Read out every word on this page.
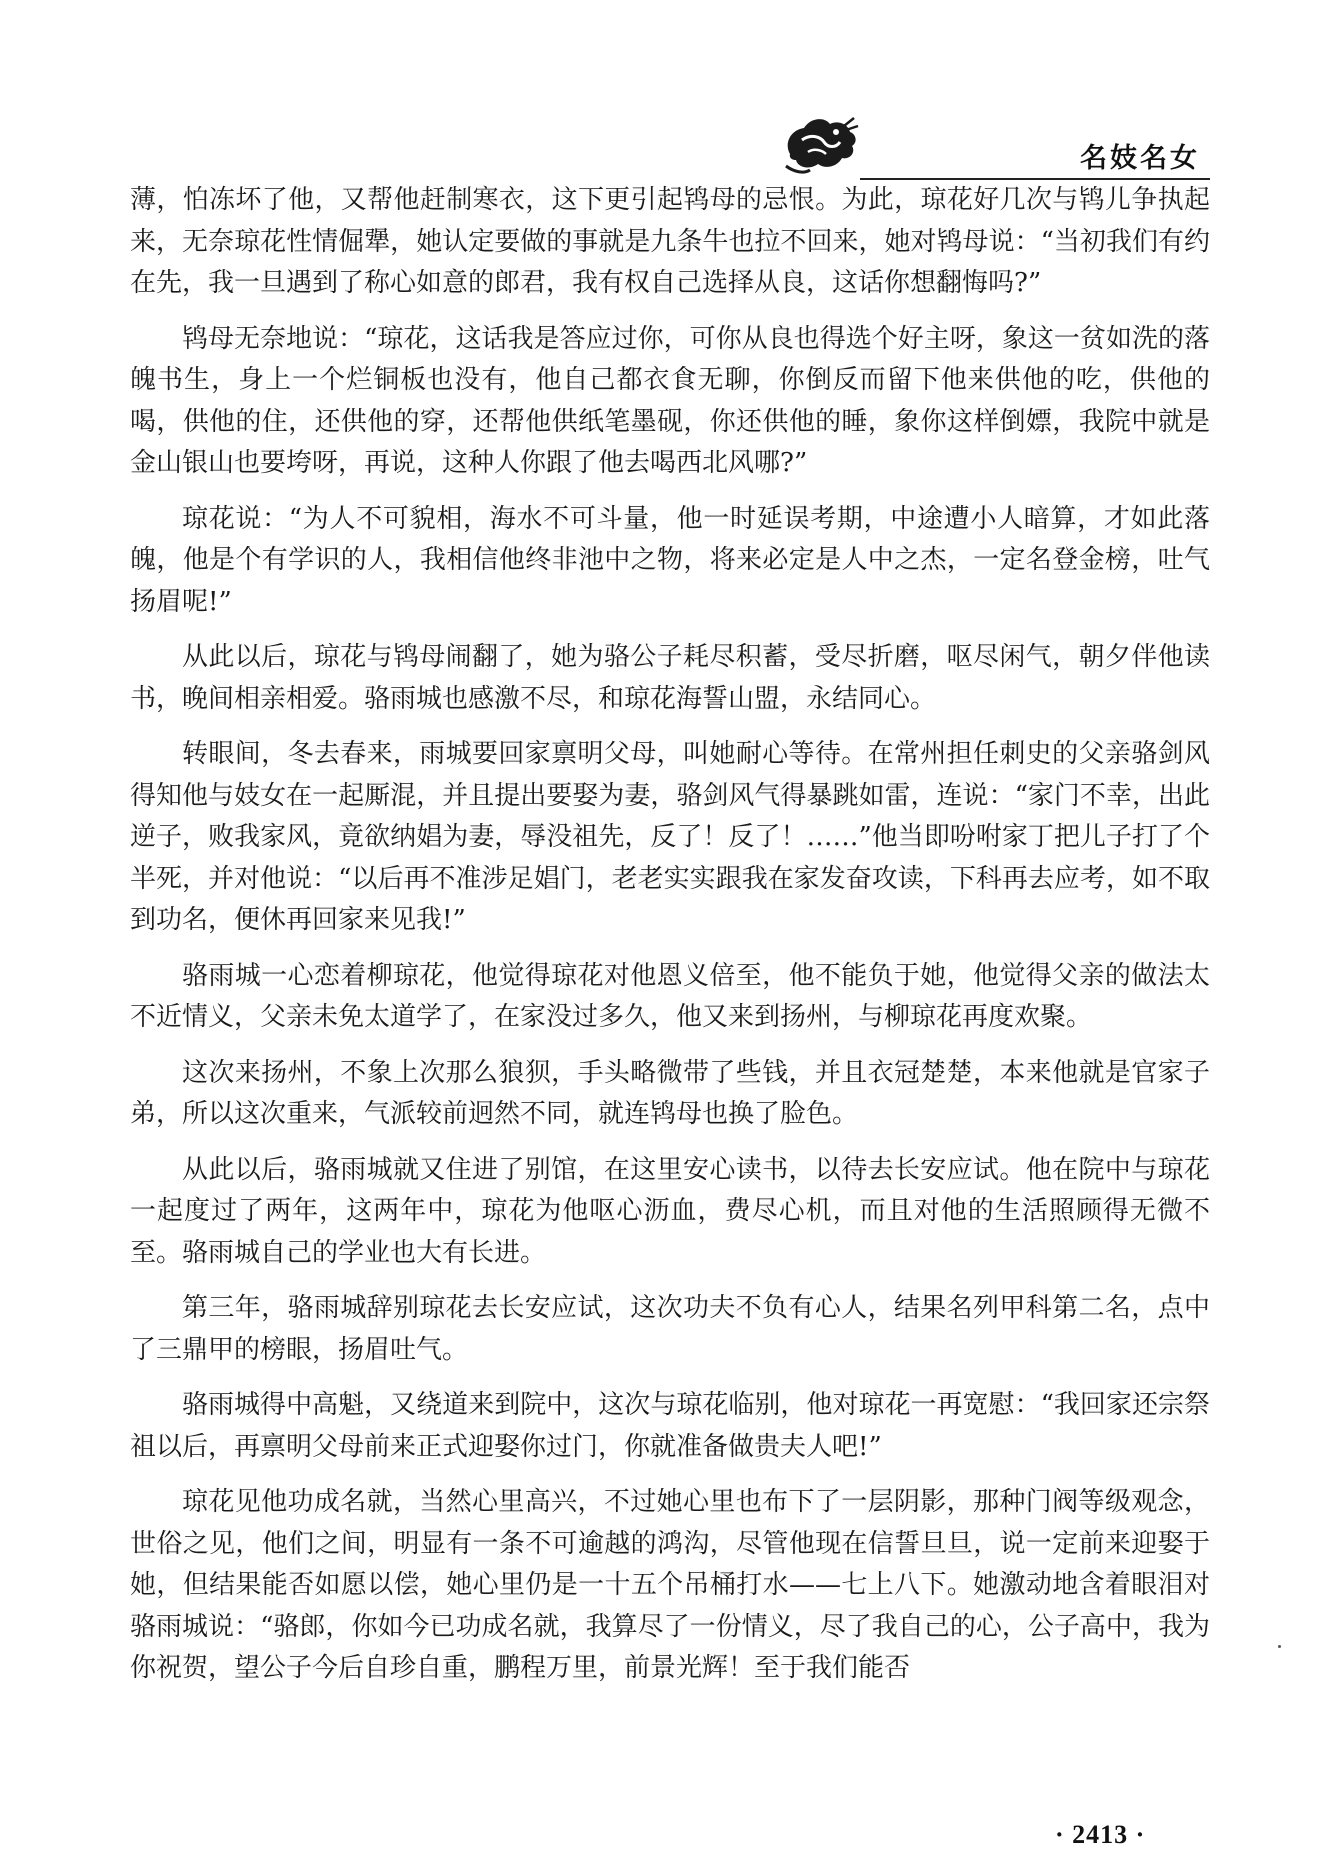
名妓名女

薄，怕冻坏了他，又帮他赶制寒衣，这下更引起鸨母的忌恨。为此，琼花好几次与鸨儿争执起来，无奈琼花性情倔犟，她认定要做的事就是九条牛也拉不回来，她对鸨母说：“当初我们有约在先，我一旦遇到了称心如意的郎君，我有权自己选择从良，这话你想翻悔吗?”

鸨母无奈地说：“琼花，这话我是答应过你，可你从良也得选个好主呀，象这一贫如洗的落魄书生，身上一个烂铜板也没有，他自己都衣食无聊，你倒反而留下他来供他的吃，供他的喝，供他的住，还供他的穿，还帮他供纸笔墨砚，你还供他的睡，象你这样倒嫖，我院中就是金山银山也要垮呀，再说，这种人你跟了他去喝西北风哪?”

琼花说：“为人不可貌相，海水不可斗量，他一时延误考期，中途遭小人暗算，才如此落魄，他是个有学识的人，我相信他终非池中之物，将来必定是人中之杰，一定名登金榜，吐气扬眉呢!”

从此以后，琼花与鸨母闹翻了，她为骆公子耗尽积蓄，受尽折磨，呕尽闲气，朝夕伴他读书，晚间相亲相爱。骆雨城也感激不尽，和琼花海誓山盟，永结同心。

转眼间，冬去春来，雨城要回家禀明父母，叫她耐心等待。在常州担任刺史的父亲骆剑风得知他与妓女在一起厮混，并且提出要娶为妻，骆剑风气得暴跳如雷，连说：“家门不幸，出此逆子，败我家风，竟欲纳娼为妻，辱没祖先，反了！反了！……”他当即吩咐家丁把儿子打了个半死，并对他说：“以后再不准涉足娼门，老老实实跟我在家发奋攻读，下科再去应考，如不取到功名，便休再回家来见我!”

骆雨城一心恋着柳琼花，他觉得琼花对他恩义倍至，他不能负于她，他觉得父亲的做法太不近情义，父亲未免太道学了，在家没过多久，他又来到扬州，与柳琼花再度欢聚。

这次来扬州，不象上次那么狼狈，手头略微带了些钱，并且衣冠楚楚，本来他就是官家子弟，所以这次重来，气派较前迥然不同，就连鸨母也换了脸色。

从此以后，骆雨城就又住进了别馆，在这里安心读书，以待去长安应试。他在院中与琼花一起度过了两年，这两年中，琼花为他呕心沥血，费尽心机，而且对他的生活照顾得无微不至。骆雨城自己的学业也大有长进。

第三年，骆雨城辞别琼花去长安应试，这次功夫不负有心人，结果名列甲科第二名，点中了三鼎甲的榜眼，扬眉吐气。

骆雨城得中高魁，又绕道来到院中，这次与琼花临别，他对琼花一再宽慰：“我回家还宗祭祖以后，再禀明父母前来正式迎娶你过门，你就准备做贵夫人吧!”

琼花见他功成名就，当然心里高兴，不过她心里也布下了一层阴影，那种门阀等级观念，世俗之见，他们之间，明显有一条不可逾越的鸿沟，尽管他现在信誓旦旦，说一定前来迎娶于她，但结果能否如愿以偿，她心里仍是一十五个吊桶打水——七上八下。她激动地含着眼泪对骆雨城说：“骆郎，你如今已功成名就，我算尽了一份情义，尽了我自己的心，公子高中，我为你祝贺，望公子今后自珍自重，鹏程万里，前景光辉！至于我们能否

· 2413 ·
